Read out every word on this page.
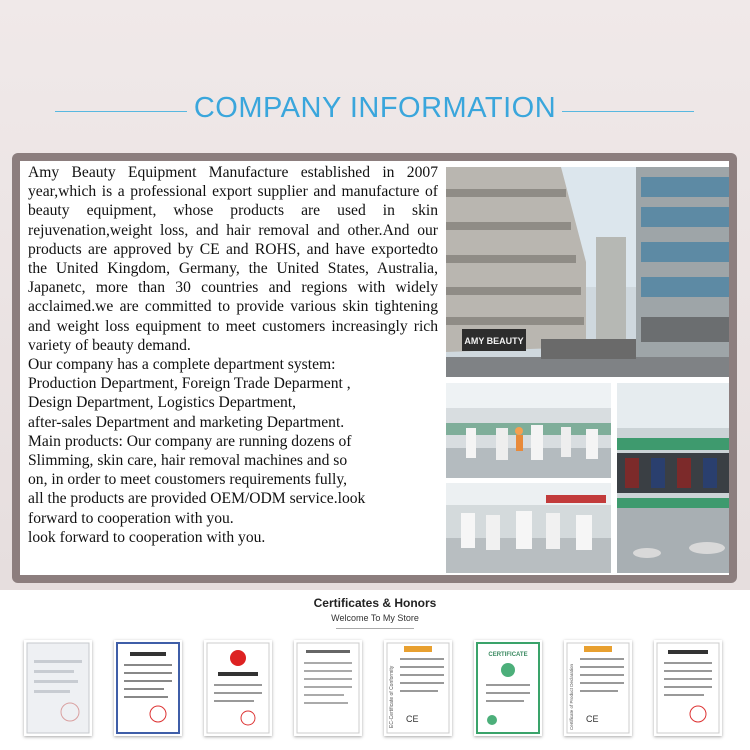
COMPANY INFORMATION
Amy Beauty Equipment Manufacture established in 2007 year,which is a professional export supplier and manufacture of beauty equipment, whose products are used in skin rejuvenation,weight loss, and hair removal and other.And our products are approved by CE and ROHS, and have exportedto the United Kingdom, Germany, the United States, Australia, Japanetc, more than 30 countries and regions with widely acclaimed.we are committed to provide various skin tightening and weight loss equipment to meet customers increasingly rich variety of beauty demand.
Our company has a complete department system:
Production Department, Foreign Trade Deparment ,
Design Department, Logistics Department,
after-sales Department and marketing Department.
Main products: Our company are running dozens of
Slimming, skin care, hair removal machines and so
on, in order to meet coustomers requirements fully,
all the products are provided OEM/ODM service.look
forward to cooperation with you.
look forward to cooperation with you.
AMY BEAUTY
Certificates & Honors
Welcome To My Store
CE
EC-Certificate of Conformity
CERTIFICATE
CE
Certificate of Product Declaration
